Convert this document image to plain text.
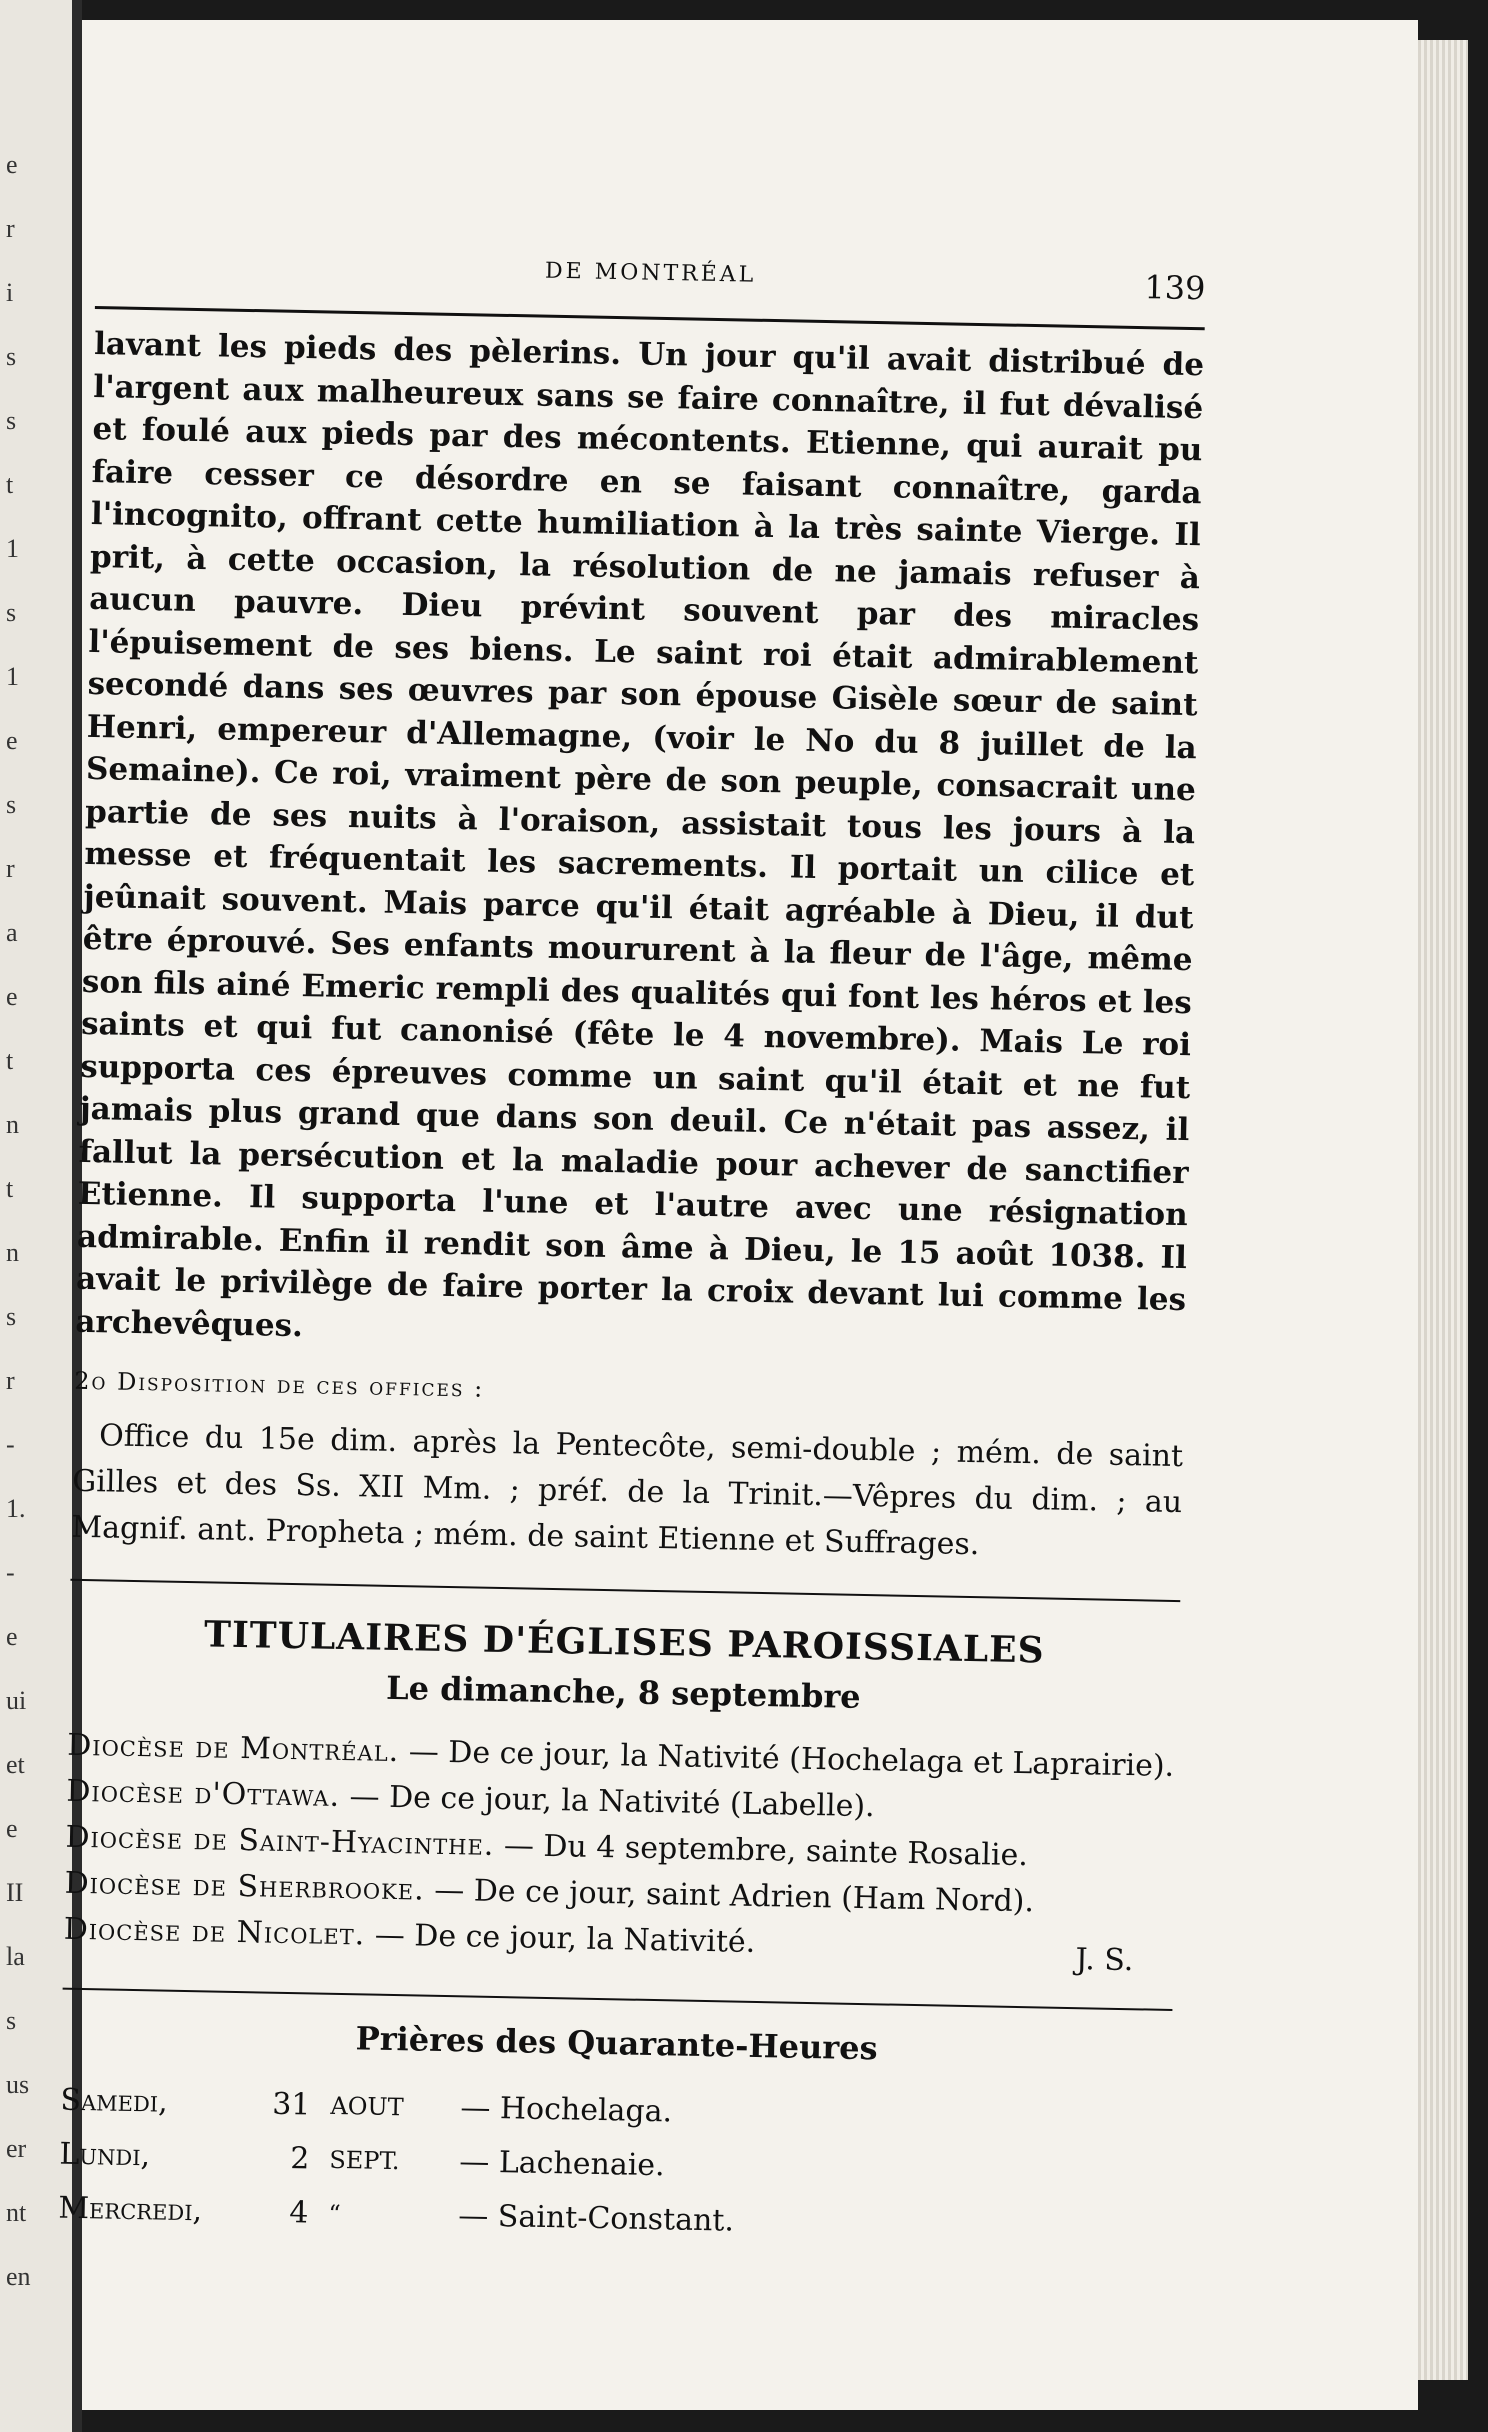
e
r
i
s
s
t
1
s
1
e
s
r
a
e
t
n
t
n
s
r
-
1.
-
e
ui
et
e
II
la
s
us
er
nt
en
DE MONTRÉAL	139

lavant les pieds des pèlerins. Un jour qu'il avait distribué de l'argent aux malheureux sans se faire connaître, il fut dévalisé et foulé aux pieds par des mécontents. Etienne, qui aurait pu faire cesser ce désordre en se faisant connaître, garda l'incognito, offrant cette humiliation à la très sainte Vierge. Il prit, à cette occasion, la résolution de ne jamais refuser à aucun pauvre. Dieu prévint souvent par des miracles l'épuisement de ses biens. Le saint roi était admirablement secondé dans ses œuvres par son épouse Gisèle sœur de saint Henri, empereur d'Allemagne, (voir le No du 8 juillet de la Semaine). Ce roi, vraiment père de son peuple, consacrait une partie de ses nuits à l'oraison, assistait tous les jours à la messe et fréquentait les sacrements. Il portait un cilice et jeûnait souvent. Mais parce qu'il était agréable à Dieu, il dut être éprouvé. Ses enfants moururent à la fleur de l'âge, même son fils ainé Emeric rempli des qualités qui font les héros et les saints et qui fut canonisé (fête le 4 novembre). Mais Le roi supporta ces épreuves comme un saint qu'il était et ne fut jamais plus grand que dans son deuil. Ce n'était pas assez, il fallut la persécution et la maladie pour achever de sanctifier Etienne. Il supporta l'une et l'autre avec une résignation admirable. Enfin il rendit son âme à Dieu, le 15 août 1038. Il avait le privilège de faire porter la croix devant lui comme les archevêques.

2o Disposition de ces offices :

Office du 15e dim. après la Pentecôte, semi-double ; mém. de saint Gilles et des Ss. XII Mm. ; préf. de la Trinit.—Vêpres du dim. ; au Magnif. ant. Propheta ; mém. de saint Etienne et Suffrages.

TITULAIRES D'ÉGLISES PAROISSIALES
Le dimanche, 8 septembre

Diocèse de Montréal. — De ce jour, la Nativité (Hochelaga et Laprairie).

Diocèse d'Ottawa. — De ce jour, la Nativité (Labelle).

Diocèse de Saint-Hyacinthe. — Du 4 septembre, sainte Rosalie.

Diocèse de Sherbrooke. — De ce jour, saint Adrien (Ham Nord).

Diocèse de Nicolet. — De ce jour, la Nativité.

J. S.
Prières des Quarante-Heures
Samedi,	31 AOUT	— Hochelaga.
Lundi,	2 SEPT.	— Lachenaie.
Mercredi,	4 “	— Saint-Constant.
